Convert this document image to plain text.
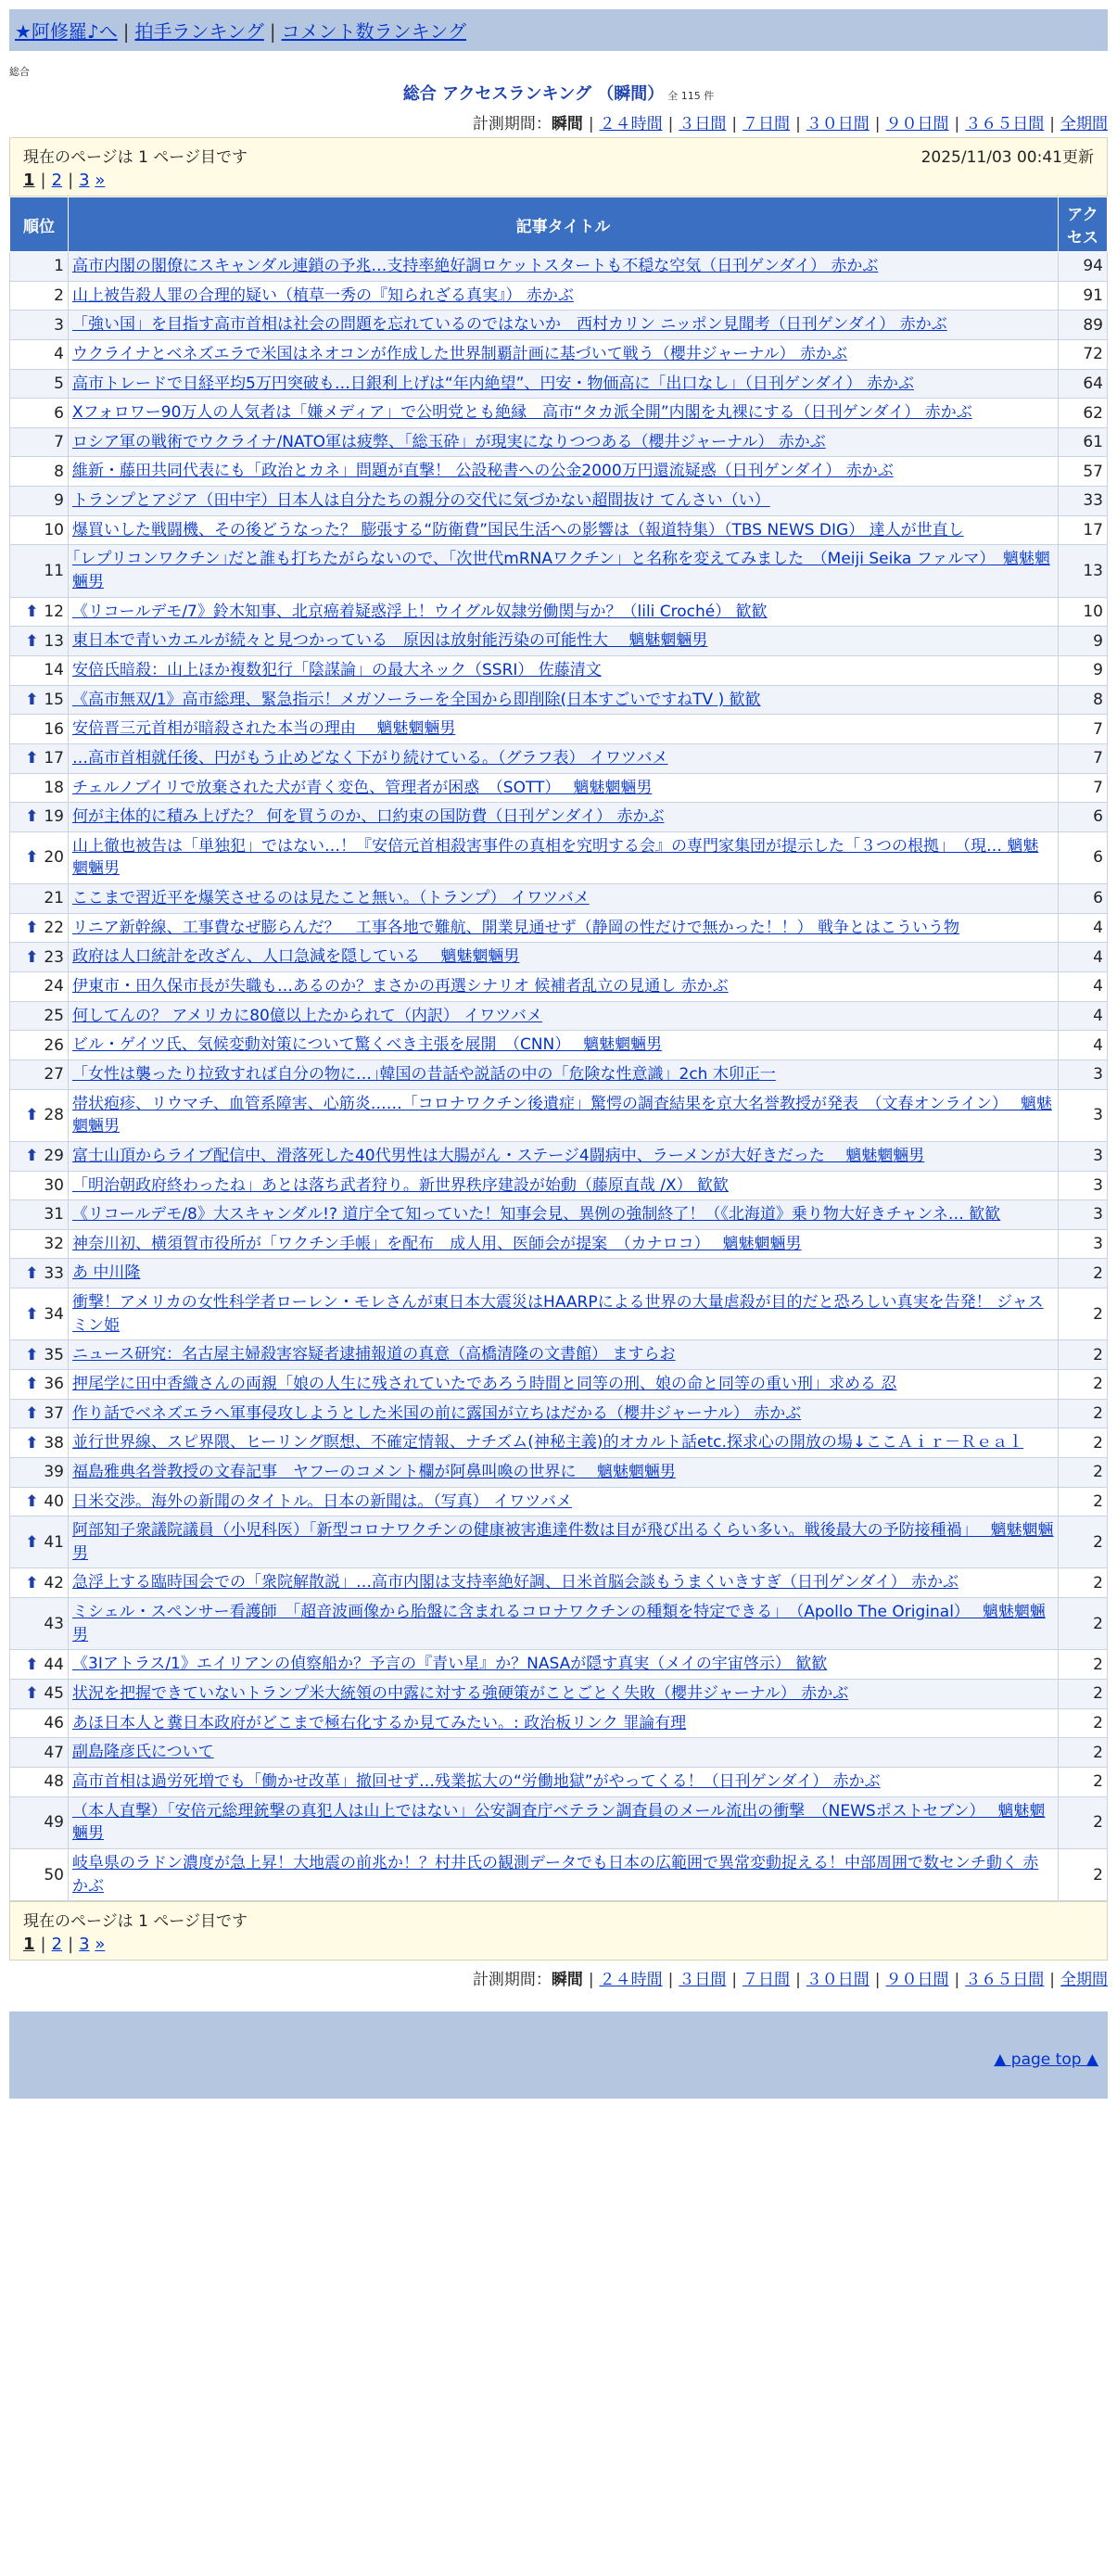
★阿修羅♪へ | 拍手ランキング | コメント数ランキング
総合
総合 アクセスランキング （瞬間） 全 115 件
計測期間：瞬間 | ２４時間 | ３日間 | ７日間 | ３０日間 | ９０日間 | ３６５日間 | 全期間
現在のページは 1 ページ目です	2025/11/03 00:41更新
1 | 2 | 3 »
順位	記事タイトル	アクセス
1	高市内閣の閣僚にスキャンダル連鎖の予兆…支持率絶好調ロケットスタートも不穏な空気（日刊ゲンダイ） 赤かぶ	94
2	山上被告殺人罪の合理的疑い（植草一秀の『知られざる真実』） 赤かぶ	91
3	「強い国」を目指す高市首相は社会の問題を忘れているのではないか　西村カリン ニッポン見聞考（日刊ゲンダイ） 赤かぶ	89
4	ウクライナとベネズエラで米国はネオコンが作成した世界制覇計画に基づいて戦う（櫻井ジャーナル） 赤かぶ	72
5	高市トレードで日経平均5万円突破も…日銀利上げは“年内絶望”、円安・物価高に「出口なし」（日刊ゲンダイ） 赤かぶ	64
6	Xフォロワー90万人の人気者は「嫌メディア」で公明党とも絶縁　高市“タカ派全開”内閣を丸裸にする（日刊ゲンダイ） 赤かぶ	62
7	ロシア軍の戦術でウクライナ/NATO軍は疲弊、「総玉砕」が現実になりつつある（櫻井ジャーナル） 赤かぶ	61
8	維新・藤田共同代表にも「政治とカネ」問題が直撃！ 公設秘書への公金2000万円還流疑惑（日刊ゲンダイ） 赤かぶ	57
9	トランプとアジア（田中宇）日本人は自分たちの親分の交代に気づかない超間抜け てんさい（い）	33
10	爆買いした戦闘機、その後どうなった？ 膨張する“防衛費”国民生活への影響は（報道特集）（TBS NEWS DIG） 達人が世直し	17
11	｢レプリコンワクチン｣だと誰も打ちたがらないので、「次世代mRNAワクチン」と名称を変えてみました　（Meiji Seika ファルマ）　魑魅魍魎男	13
⬆ 12	《リコールデモ/7》鈴木知事、北京癌着疑惑浮上！ウイグル奴隷労働関与か？（lili Croché） 歓歓	10
⬆ 13	東日本で青いカエルが続々と見つかっている　原因は放射能汚染の可能性大　 魑魅魍魎男	9
14	安倍氏暗殺：山上ほか複数犯行「陰謀論」の最大ネック（SSRI） 佐藤清文	9
⬆ 15	《高市無双/1》高市総理、緊急指示！メガソーラーを全国から即削除(日本すごいですねTV ) 歓歓	8
16	安倍晋三元首相が暗殺された本当の理由　 魑魅魍魎男	7
⬆ 17	…高市首相就任後、円がもう止めどなく下がり続けている。（グラフ表） イワツバメ	7
18	チェルノブイリで放棄された犬が青く変色、管理者が困惑　（SOTT）　 魑魅魍魎男	7
⬆ 19	何が主体的に積み上げた？ 何を買うのか、口約束の国防費（日刊ゲンダイ） 赤かぶ	6
⬆ 20	山上徹也被告は「単独犯」ではない…！『安倍元首相殺害事件の真相を究明する会』の専門家集団が提示した「３つの根拠」　（現… 魑魅魍魎男	6
21	ここまで習近平を爆笑させるのは見たこと無い。（トランプ） イワツバメ	6
⬆ 22	リニア新幹線、工事費なぜ膨らんだ？　工事各地で難航、開業見通せず（静岡の性だけで無かった！！） 戦争とはこういう物	4
⬆ 23	政府は人口統計を改ざん、人口急減を隠している　 魑魅魍魎男	4
24	伊東市・田久保市長が失職も…あるのか？まさかの再選シナリオ 候補者乱立の見通し 赤かぶ	4
25	何してんの？ アメリカに80億以上たかられて（内訳） イワツバメ	4
26	ビル・ゲイツ氏、気候変動対策について驚くべき主張を展開　（CNN）　 魑魅魍魎男	4
27	「女性は襲ったり拉致すれば自分の物に…｣韓国の昔話や説話の中の「危険な性意識」2ch 木卯正一	3
⬆ 28	帯状疱疹、リウマチ、血管系障害、心筋炎……「コロナワクチン後遺症」驚愕の調査結果を京大名誉教授が発表　（文春オンライン）　 魑魅魍魎男	3
⬆ 29	富士山頂からライブ配信中、滑落死した40代男性は大腸がん・ステージ4闘病中、ラーメンが大好きだった　 魑魅魍魎男	3
30	「明治朝政府終わったね」あとは落ち武者狩り。新世界秩序建設が始動（藤原直哉 /X） 歓歓	3
31	《リコールデモ/8》大スキャンダル!? 道庁全て知っていた！知事会見、異例の強制終了！（《北海道》乗り物大好きチャンネ… 歓歓	3
32	神奈川初、横須賀市役所が「ワクチン手帳」を配布　成人用、医師会が提案　（カナロコ）　 魑魅魍魎男	3
⬆ 33	あ 中川隆	2
⬆ 34	衝撃！アメリカの女性科学者ローレン・モレさんが東日本大震災はHAARPによる世界の大量虐殺が目的だと恐ろしい真実を告発！ ジャスミン姫	2
⬆ 35	ニュース研究：名古屋主婦殺害容疑者逮捕報道の真意（高橋清隆の文書館） ますらお	2
⬆ 36	押尾学に田中香織さんの両親「娘の人生に残されていたであろう時間と同等の刑、娘の命と同等の重い刑」求める 忍	2
⬆ 37	作り話でベネズエラへ軍事侵攻しようとした米国の前に露国が立ちはだかる（櫻井ジャーナル） 赤かぶ	2
⬆ 38	並行世界線、スピ界隈、ヒーリング瞑想、不確定情報、ナチズム(神秘主義)的オカルト話etc.探求心の開放の場↓ここＡｉｒ－Ｒｅａｌ	2
39	福島雅典名誉教授の文春記事　ヤフーのコメント欄が阿鼻叫喚の世界に　 魑魅魍魎男	2
⬆ 40	日米交渉。海外の新聞のタイトル。日本の新聞は。（写真） イワツバメ	2
⬆ 41	阿部知子衆議院議員（小児科医）「新型コロナワクチンの健康被害進達件数は目が飛び出るくらい多い。戦後最大の予防接種禍」　 魑魅魍魎男	2
⬆ 42	急浮上する臨時国会での「衆院解散説」…高市内閣は支持率絶好調、日米首脳会談もうまくいきすぎ（日刊ゲンダイ） 赤かぶ	2
43	ミシェル・スペンサー看護師　「超音波画像から胎盤に含まれるコロナワクチンの種類を特定できる」　（Apollo The Original）　 魑魅魍魎男	2
⬆ 44	《3Iアトラス/1》エイリアンの偵察船か？予言の『青い星』か？NASAが隠す真実（メイの宇宙啓示） 歓歓	2
⬆ 45	状況を把握できていないトランプ米大統領の中露に対する強硬策がことごとく失敗（櫻井ジャーナル） 赤かぶ	2
46	あほ日本人と糞日本政府がどこまで極右化するか見てみたい。: 政治板リンク 罪論有理	2
47	副島隆彦氏について	2
48	高市首相は過労死増でも「働かせ改革」撤回せず…残業拡大の“労働地獄”がやってくる！（日刊ゲンダイ） 赤かぶ	2
49	（本人直撃）「安倍元総理銃撃の真犯人は山上ではない」公安調査庁ベテラン調査員のメール流出の衝撃　（NEWSポストセブン）　 魑魅魍魎男	2
50	岐阜県のラドン濃度が急上昇！大地震の前兆か！？村井氏の観測データでも日本の広範囲で異常変動捉える！中部周囲で数センチ動く 赤かぶ	2
現在のページは 1 ページ目です
1 | 2 | 3 »
計測期間：瞬間 | ２４時間 | ３日間 | ７日間 | ３０日間 | ９０日間 | ３６５日間 | 全期間
▲ page top ▲
